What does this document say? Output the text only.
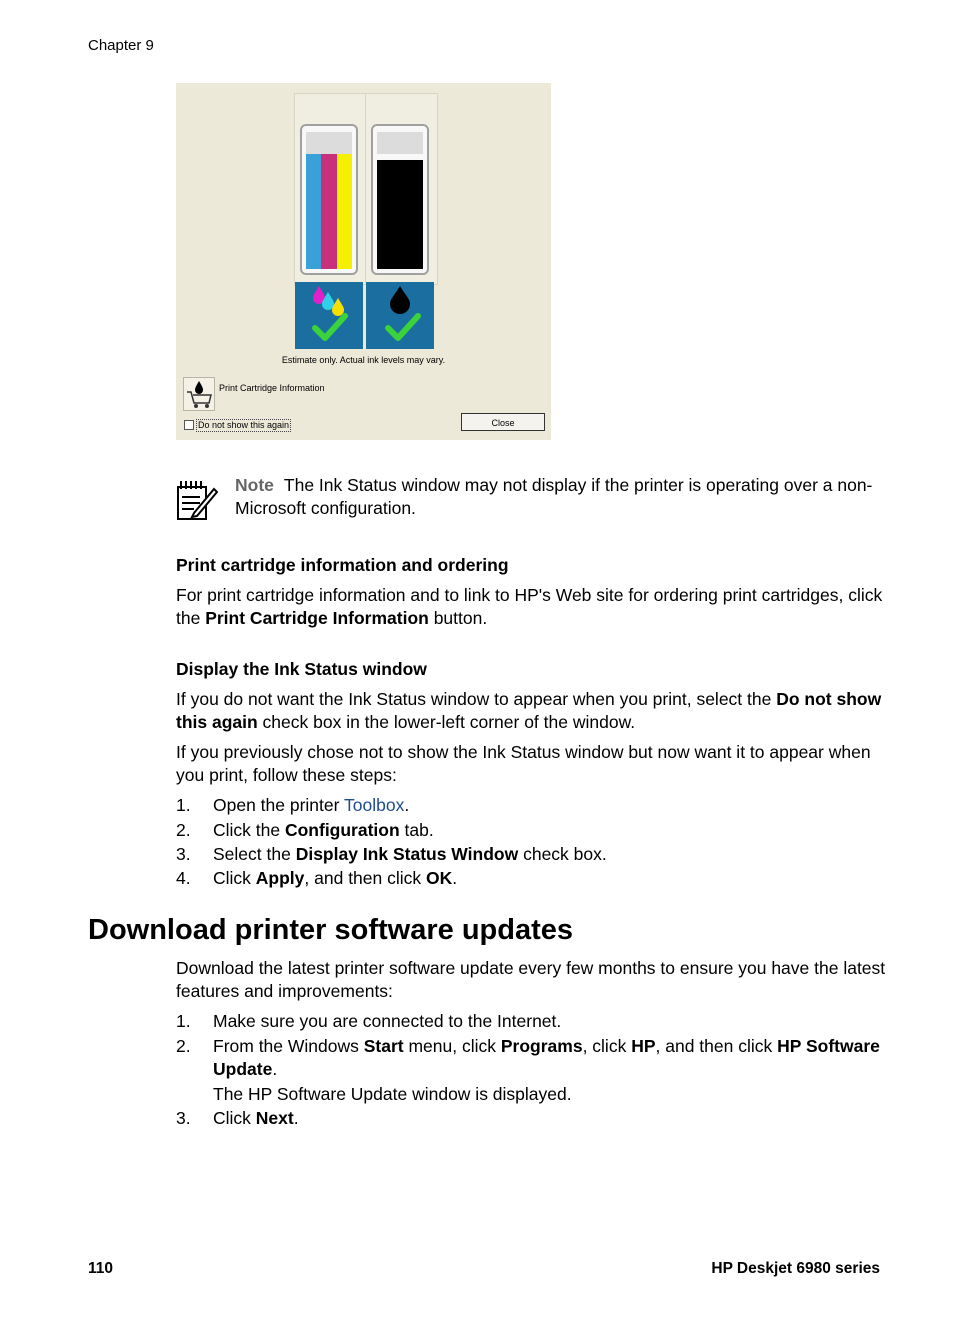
Chapter 9
Estimate only. Actual ink levels may vary.
Print Cartridge Information
Do not show this again	Close
Note The Ink Status window may not display if the printer is operating over a non-Microsoft configuration.
Print cartridge information and ordering

For print cartridge information and to link to HP's Web site for ordering print cartridges, click the Print Cartridge Information button.

Display the Ink Status window

If you do not want the Ink Status window to appear when you print, select the Do not show this again check box in the lower-left corner of the window.

If you previously chose not to show the Ink Status window but now want it to appear when you print, follow these steps:

1. Open the printer Toolbox.
2. Click the Configuration tab.
3. Select the Display Ink Status Window check box.
4. Click Apply, and then click OK.
Download printer software updates

Download the latest printer software update every few months to ensure you have the latest features and improvements:

1. Make sure you are connected to the Internet.
2. From the Windows Start menu, click Programs, click HP, and then click HP Software Update.
The HP Software Update window is displayed.
3. Click Next.
110	HP Deskjet 6980 series
